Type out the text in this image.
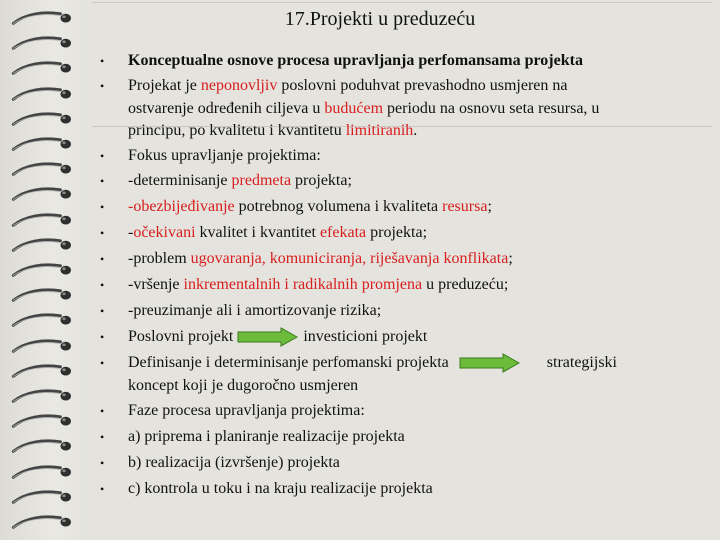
17.Projekti u preduzeću
•	Konceptualne osnove procesa upravljanja perfomansama projekta
•	Projekat je neponovljiv poslovni poduhvat prevashodno usmjeren na
ostvarenje određenih ciljeva u budućem periodu na osnovu seta resursa, u
principu, po kvalitetu i kvantitetu limitiranih.
•	Fokus upravljanje projektima:
•	-determinisanje predmeta projekta;
•	-obezbijeđivanje potrebnog volumena i kvaliteta resursa;
•	-očekivani kvalitet i kvantitet efekata projekta;
•	-problem ugovaranja, komuniciranja, riješavanja konflikata;
•	-vršenje inkrementalnih i radikalnih promjena u preduzeću;
•	-preuzimanje ali i amortizovanje rizika;
•	Poslovni projekt	investicioni projekt
•	Definisanje i determinisanje perfomanski projekta	strategijski
koncept koji je dugoročno usmjeren
•	Faze procesa upravljanja projektima:
•	a) priprema i planiranje realizacije projekta
•	b) realizacija (izvršenje) projekta
•	c) kontrola u toku i na kraju realizacije projekta
